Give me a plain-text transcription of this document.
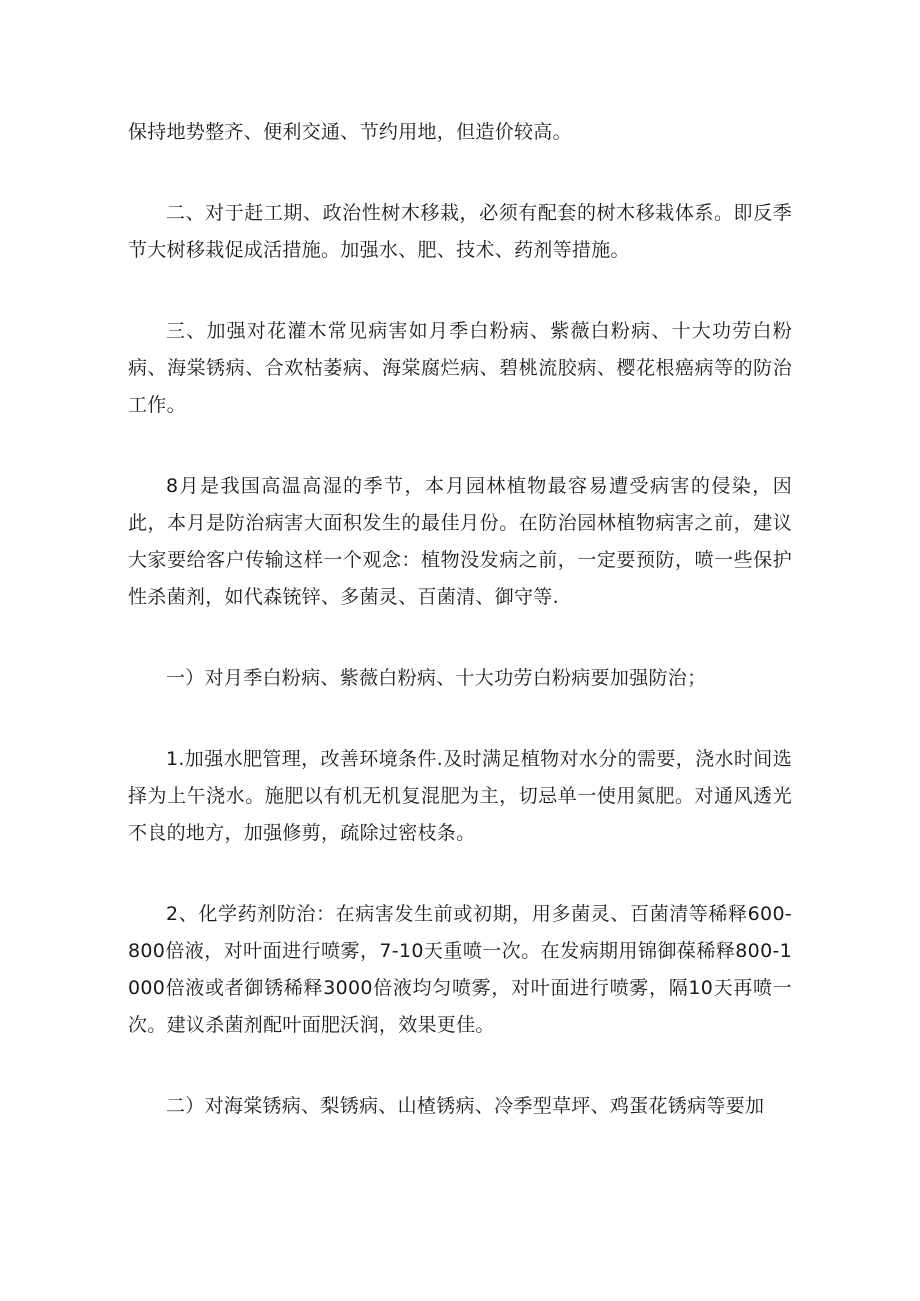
保持地势整齐、便利交通、节约用地，但造价较高。

二、对于赶工期、政治性树木移栽，必须有配套的树木移栽体系。即反季节大树移栽促成活措施。加强水、肥、技术、药剂等措施。

三、加强对花灌木常见病害如月季白粉病、紫薇白粉病、十大功劳白粉病、海棠锈病、合欢枯萎病、海棠腐烂病、碧桃流胶病、樱花根癌病等的防治工作。

8月是我国高温高湿的季节，本月园林植物最容易遭受病害的侵染，因此，本月是防治病害大面积发生的最佳月份。在防治园林植物病害之前，建议大家要给客户传输这样一个观念：植物没发病之前，一定要预防，喷一些保护性杀菌剂，如代森铳锌、多菌灵、百菌清、御守等.

一）对月季白粉病、紫薇白粉病、十大功劳白粉病要加强防治；

1.加强水肥管理，改善环境条件.及时满足植物对水分的需要，浇水时间选择为上午浇水。施肥以有机无机复混肥为主，切忌单一使用氮肥。对通风透光不良的地方，加强修剪，疏除过密枝条。

2、化学药剂防治：在病害发生前或初期，用多菌灵、百菌清等稀释600-800倍液，对叶面进行喷雾，7-10天重喷一次。在发病期用锦御葆稀释800-1000倍液或者御锈稀释3000倍液均匀喷雾，对叶面进行喷雾，隔10天再喷一次。建议杀菌剂配叶面肥沃润，效果更佳。

二）对海棠锈病、梨锈病、山楂锈病、冷季型草坪、鸡蛋花锈病等要加
